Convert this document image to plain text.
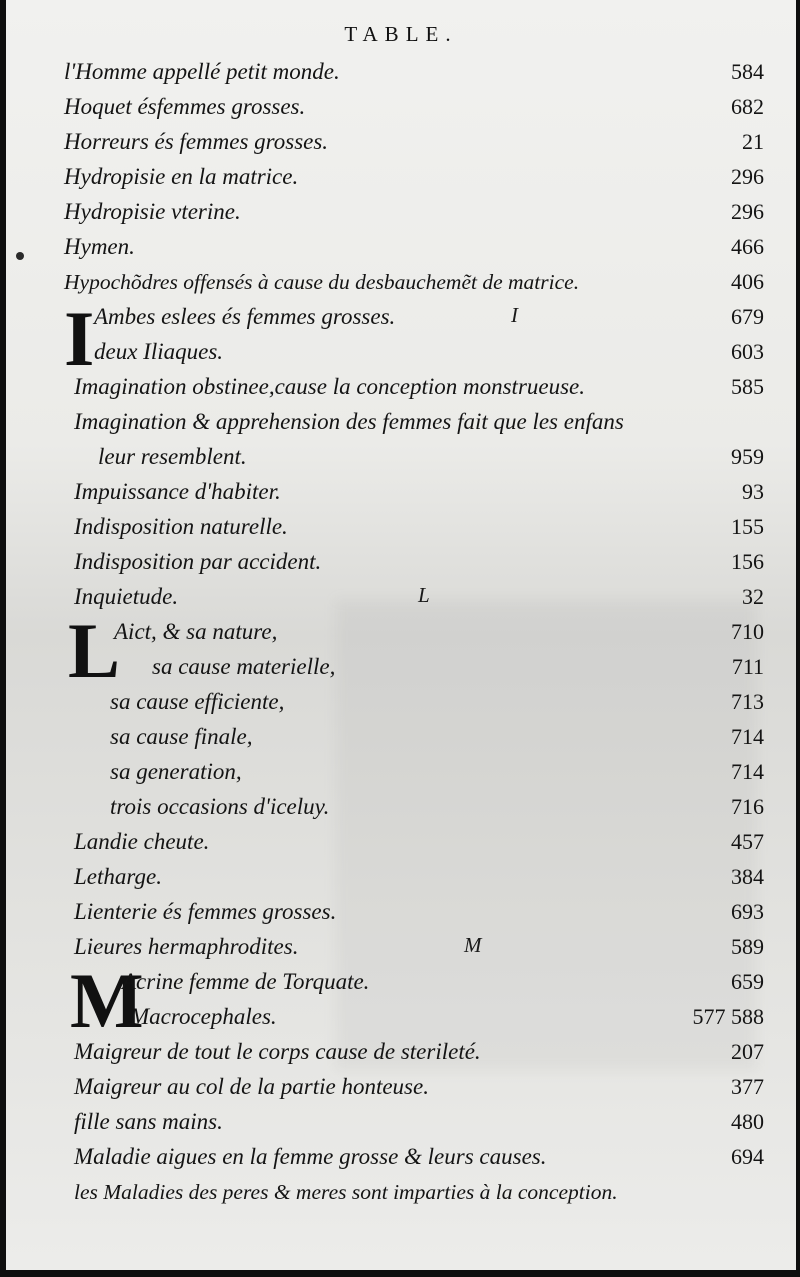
TABLE.
l'Homme appellé petit monde.	584
Hoquet ésfemmes grosses.	682
Horreurs és femmes grosses.	21
Hydropisie en la matrice.	296
Hydropisie vterine.	296
Hymen.	466
Hypochõdres offensés à cause du desbauchemẽt de matrice.	406
I	I
Ambes eslees és femmes grosses.	679
deux Iliaques.	603
Imagination obstinee,cause la conception monstrueuse.	585
Imagination & apprehension des femmes fait que les enfans
leur resemblent.	959
Impuissance d'habiter.	93
Indisposition naturelle.	155
Indisposition par accident.	156
Inquietude.	32
L
L
Aict, & sa nature,	710
sa cause materielle,	711
sa cause efficiente,	713
sa cause finale,	714
sa generation,	714
trois occasions d'iceluy.	716
Landie cheute.	457
Lethargе.	384
Lienterie és femmes grosses.	693
Lieures hermaphrodites.	589
M
M
Acrine femme de Torquate.	659
Macrocephales.	577 588
Maigreur de tout le corps cause de sterileté.	207
Maigreur au col de la partie honteuse.	377
fille sans mains.	480
Maladie aigues en la femme grosse & leurs causes.	694
les Maladies des peres & meres sont imparties à la conception.
